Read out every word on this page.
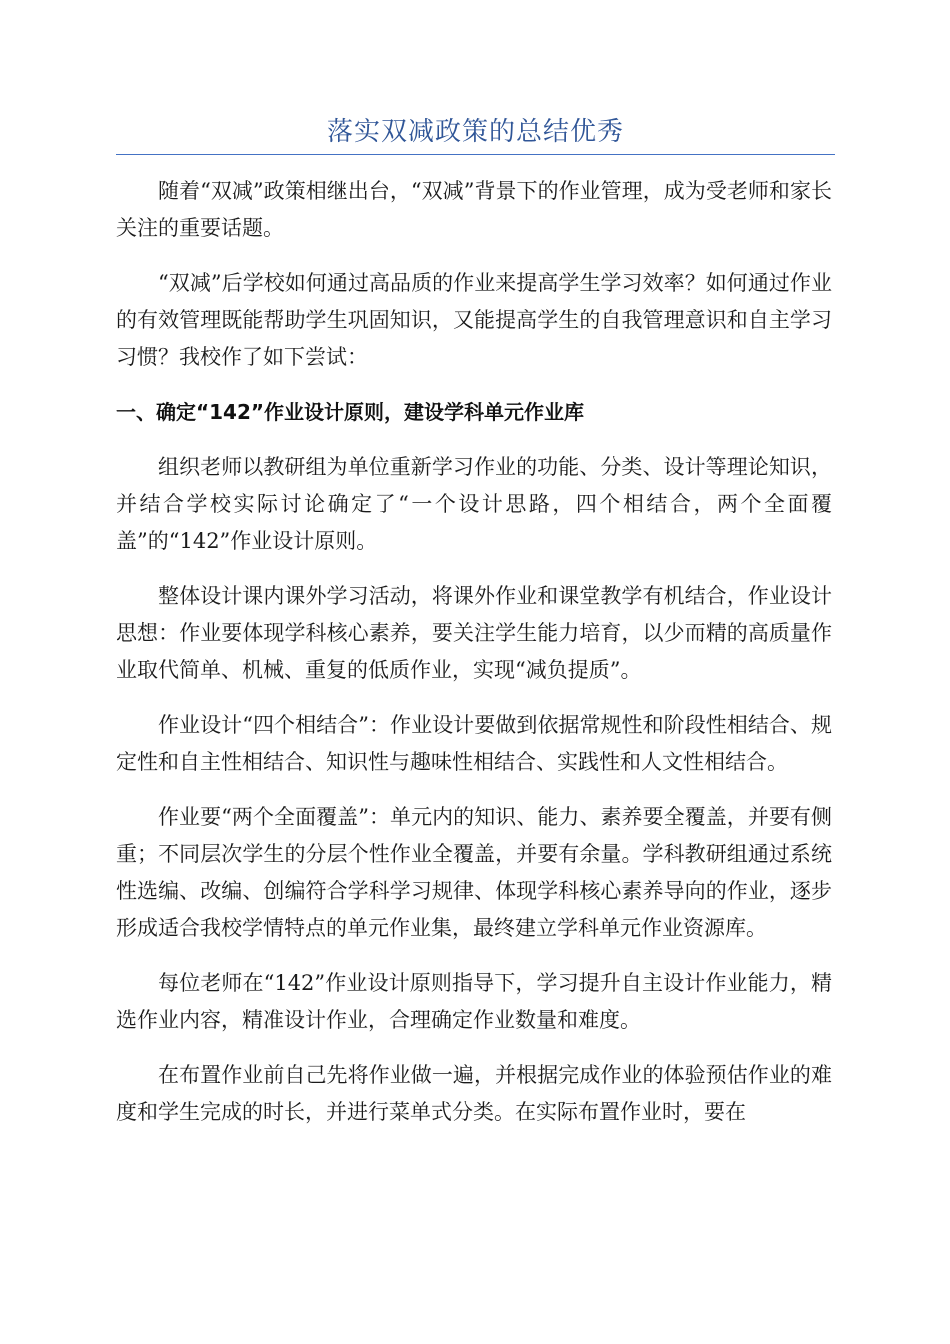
落实双减政策的总结优秀

随着“双减”政策相继出台，“双减”背景下的作业管理，成为受老师和家长关注的重要话题。

“双减”后学校如何通过高品质的作业来提高学生学习效率？如何通过作业的有效管理既能帮助学生巩固知识，又能提高学生的自我管理意识和自主学习习惯？我校作了如下尝试：

一、确定“142”作业设计原则，建设学科单元作业库

组织老师以教研组为单位重新学习作业的功能、分类、设计等理论知识，并结合学校实际讨论确定了“一个设计思路，四个相结合，两个全面覆盖”的“142”作业设计原则。

整体设计课内课外学习活动，将课外作业和课堂教学有机结合，作业设计思想：作业要体现学科核心素养，要关注学生能力培育，以少而精的高质量作业取代简单、机械、重复的低质作业，实现“减负提质”。

作业设计“四个相结合”：作业设计要做到依据常规性和阶段性相结合、规定性和自主性相结合、知识性与趣味性相结合、实践性和人文性相结合。

作业要“两个全面覆盖”：单元内的知识、能力、素养要全覆盖，并要有侧重；不同层次学生的分层个性作业全覆盖，并要有余量。学科教研组通过系统性选编、改编、创编符合学科学习规律、体现学科核心素养导向的作业，逐步形成适合我校学情特点的单元作业集，最终建立学科单元作业资源库。

每位老师在“142”作业设计原则指导下，学习提升自主设计作业能力，精选作业内容，精准设计作业，合理确定作业数量和难度。

在布置作业前自己先将作业做一遍，并根据完成作业的体验预估作业的难度和学生完成的时长，并进行菜单式分类。在实际布置作业时，要在
